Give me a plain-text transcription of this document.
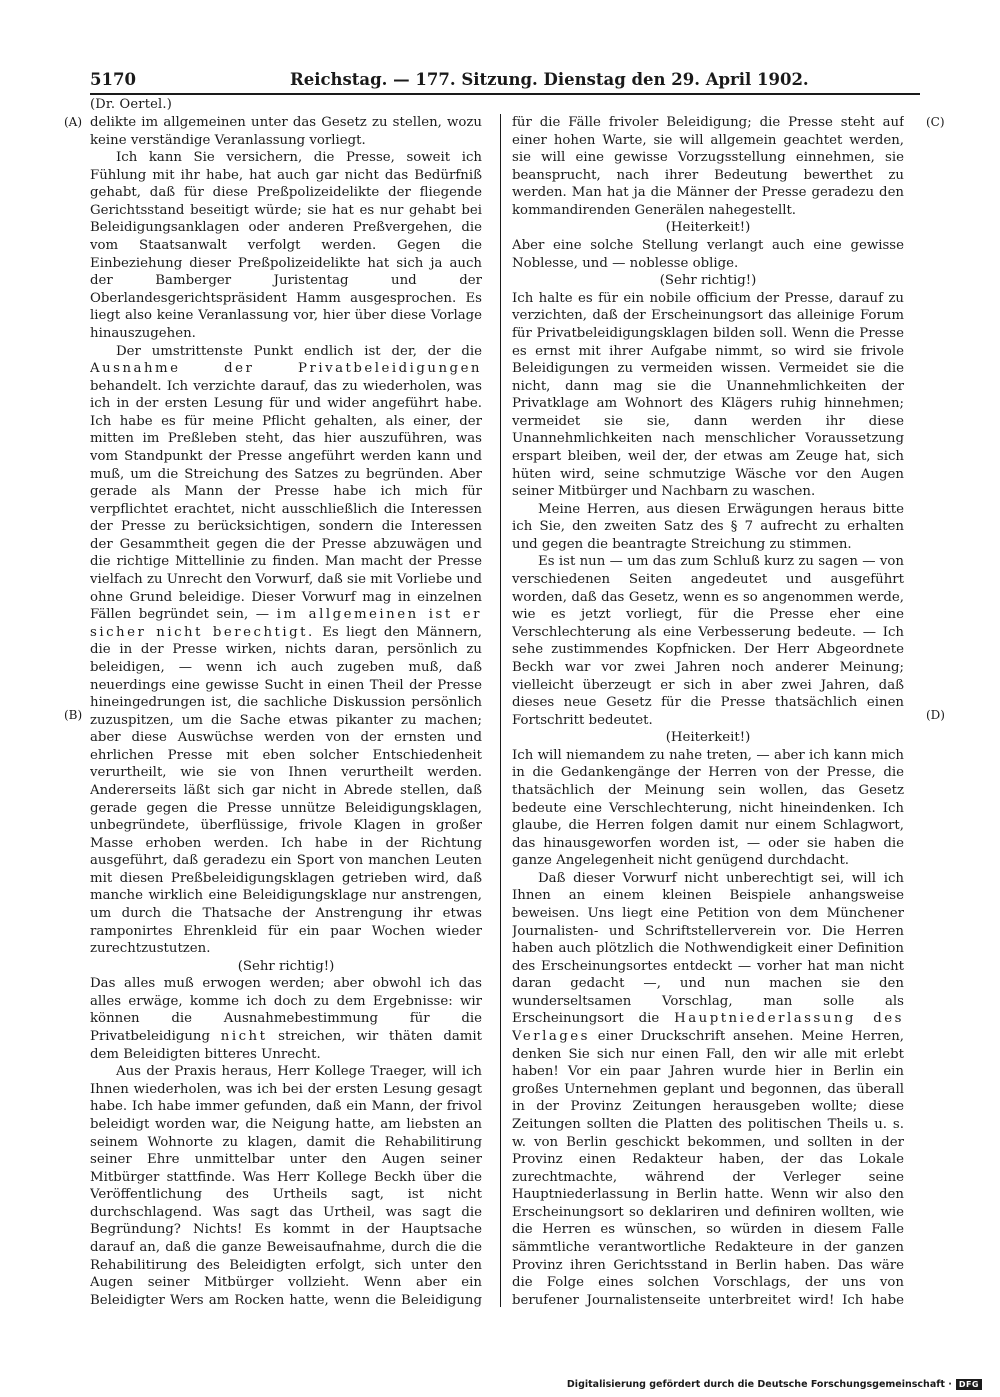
5170	Reichstag. — 177. Sitzung. Dienstag den 29. April 1902.
(Dr. Oertel.)
(A)
(B)
(C)
(D)

delikte im allgemeinen unter das Gesetz zu stellen, wozu keine verständige Veranlassung vorliegt.

Ich kann Sie versichern, die Presse, soweit ich Fühlung mit ihr habe, hat auch gar nicht das Bedürfniß gehabt, daß für diese Preßpolizeidelikte der fliegende Gerichtsstand beseitigt würde; sie hat es nur gehabt bei Beleidigungsanklagen oder anderen Preßvergehen, die vom Staatsanwalt verfolgt werden. Gegen die Einbeziehung dieser Preßpolizeidelikte hat sich ja auch der Bamberger Juristentag und der Oberlandesgerichtspräsident Hamm ausgesprochen. Es liegt also keine Veranlassung vor, hier über diese Vorlage hinauszugehen.

Der umstrittenste Punkt endlich ist der, der die Ausnahme der Privatbeleidigungen behandelt. Ich verzichte darauf, das zu wiederholen, was ich in der ersten Lesung für und wider angeführt habe. Ich habe es für meine Pflicht gehalten, als einer, der mitten im Preßleben steht, das hier auszuführen, was vom Standpunkt der Presse angeführt werden kann und muß, um die Streichung des Satzes zu begründen. Aber gerade als Mann der Presse habe ich mich für verpflichtet erachtet, nicht ausschließlich die Interessen der Presse zu berücksichtigen, sondern die Interessen der Gesammtheit gegen die der Presse abzuwägen und die richtige Mittellinie zu finden. Man macht der Presse vielfach zu Unrecht den Vorwurf, daß sie mit Vorliebe und ohne Grund beleidige. Dieser Vorwurf mag in einzelnen Fällen begründet sein, — im allgemeinen ist er sicher nicht berechtigt. Es liegt den Männern, die in der Presse wirken, nichts daran, persönlich zu beleidigen, — wenn ich auch zugeben muß, daß neuerdings eine gewisse Sucht in einen Theil der Presse hineingedrungen ist, die sachliche Diskussion persönlich zuzuspitzen, um die Sache etwas pikanter zu machen; aber diese Auswüchse werden von der ernsten und ehrlichen Presse mit eben solcher Entschiedenheit verurtheilt, wie sie von Ihnen verurtheilt werden. Andererseits läßt sich gar nicht in Abrede stellen, daß gerade gegen die Presse unnütze Beleidigungsklagen, unbegründete, überflüssige, frivole Klagen in großer Masse erhoben werden. Ich habe in der Richtung ausgeführt, daß geradezu ein Sport von manchen Leuten mit diesen Preßbeleidigungsklagen getrieben wird, daß manche wirklich eine Beleidigungsklage nur anstrengen, um durch die Thatsache der Anstrengung ihr etwas ramponirtes Ehrenkleid für ein paar Wochen wieder zurechtzustutzen.

(Sehr richtig!)

Das alles muß erwogen werden; aber obwohl ich das alles erwäge, komme ich doch zu dem Ergebnisse: wir können die Ausnahmebestimmung für die Privatbeleidigung nicht streichen, wir thäten damit dem Beleidigten bitteres Unrecht.

Aus der Praxis heraus, Herr Kollege Traeger, will ich Ihnen wiederholen, was ich bei der ersten Lesung gesagt habe. Ich habe immer gefunden, daß ein Mann, der frivol beleidigt worden war, die Neigung hatte, am liebsten an seinem Wohnorte zu klagen, damit die Rehabilitirung seiner Ehre unmittelbar unter den Augen seiner Mitbürger stattfinde. Was Herr Kollege Beckh über die Veröffentlichung des Urtheils sagt, ist nicht durchschlagend. Was sagt das Urtheil, was sagt die Begründung? Nichts! Es kommt in der Hauptsache darauf an, daß die ganze Beweisaufnahme, durch die die Rehabilitirung des Beleidigten erfolgt, sich unter den Augen seiner Mitbürger vollzieht. Wenn aber ein Beleidigter Wers am Rocken hatte, wenn die Beleidigung

für die Fälle frivoler Beleidigung; die Presse steht auf einer hohen Warte, sie will allgemein geachtet werden, sie will eine gewisse Vorzugsstellung einnehmen, sie beansprucht, nach ihrer Bedeutung bewerthet zu werden. Man hat ja die Männer der Presse geradezu den kommandirenden Generälen nahegestellt.

(Heiterkeit!)

Aber eine solche Stellung verlangt auch eine gewisse Noblesse, und — noblesse oblige.

(Sehr richtig!)

Ich halte es für ein nobile officium der Presse, darauf zu verzichten, daß der Erscheinungsort das alleinige Forum für Privatbeleidigungsklagen bilden soll. Wenn die Presse es ernst mit ihrer Aufgabe nimmt, so wird sie frivole Beleidigungen zu vermeiden wissen. Vermeidet sie die nicht, dann mag sie die Unannehmlichkeiten der Privatklage am Wohnort des Klägers ruhig hinnehmen; vermeidet sie sie, dann werden ihr diese Unannehmlichkeiten nach menschlicher Voraussetzung erspart bleiben, weil der, der etwas am Zeuge hat, sich hüten wird, seine schmutzige Wäsche vor den Augen seiner Mitbürger und Nachbarn zu waschen.

Meine Herren, aus diesen Erwägungen heraus bitte ich Sie, den zweiten Satz des § 7 aufrecht zu erhalten und gegen die beantragte Streichung zu stimmen.

Es ist nun — um das zum Schluß kurz zu sagen — von verschiedenen Seiten angedeutet und ausgeführt worden, daß das Gesetz, wenn es so angenommen werde, wie es jetzt vorliegt, für die Presse eher eine Verschlechterung als eine Verbesserung bedeute. — Ich sehe zustimmendes Kopfnicken. Der Herr Abgeordnete Beckh war vor zwei Jahren noch anderer Meinung; vielleicht überzeugt er sich in aber zwei Jahren, daß dieses neue Gesetz für die Presse thatsächlich einen Fortschritt bedeutet.

(Heiterkeit!)

Ich will niemandem zu nahe treten, — aber ich kann mich in die Gedankengänge der Herren von der Presse, die thatsächlich der Meinung sein wollen, das Gesetz bedeute eine Verschlechterung, nicht hineindenken. Ich glaube, die Herren folgen damit nur einem Schlagwort, das hinausgeworfen worden ist, — oder sie haben die ganze Angelegenheit nicht genügend durchdacht.

Daß dieser Vorwurf nicht unberechtigt sei, will ich Ihnen an einem kleinen Beispiele anhangsweise beweisen. Uns liegt eine Petition von dem Münchener Journalisten- und Schriftstellerverein vor. Die Herren haben auch plötzlich die Nothwendigkeit einer Definition des Erscheinungsortes entdeckt — vorher hat man nicht daran gedacht —, und nun machen sie den wunderseltsamen Vorschlag, man solle als Erscheinungsort die Hauptniederlassung des Verlages einer Druckschrift ansehen. Meine Herren, denken Sie sich nur einen Fall, den wir alle mit erlebt haben! Vor ein paar Jahren wurde hier in Berlin ein großes Unternehmen geplant und begonnen, das überall in der Provinz Zeitungen herausgeben wollte; diese Zeitungen sollten die Platten des politischen Theils u. s. w. von Berlin geschickt bekommen, und sollten in der Provinz einen Redakteur haben, der das Lokale zurechtmachte, während der Verleger seine Hauptniederlassung in Berlin hatte. Wenn wir also den Erscheinungsort so deklariren und definiren wollten, wie die Herren es wünschen, so würden in diesem Falle sämmtliche verantwortliche Redakteure in der ganzen Provinz ihren Gerichtsstand in Berlin haben. Das wäre die Folge eines solchen Vorschlags, der uns von berufener Journalistenseite unterbreitet wird! Ich habe

Digitalisierung gefördert durch die Deutsche Forschungsgemeinschaft · DFG
